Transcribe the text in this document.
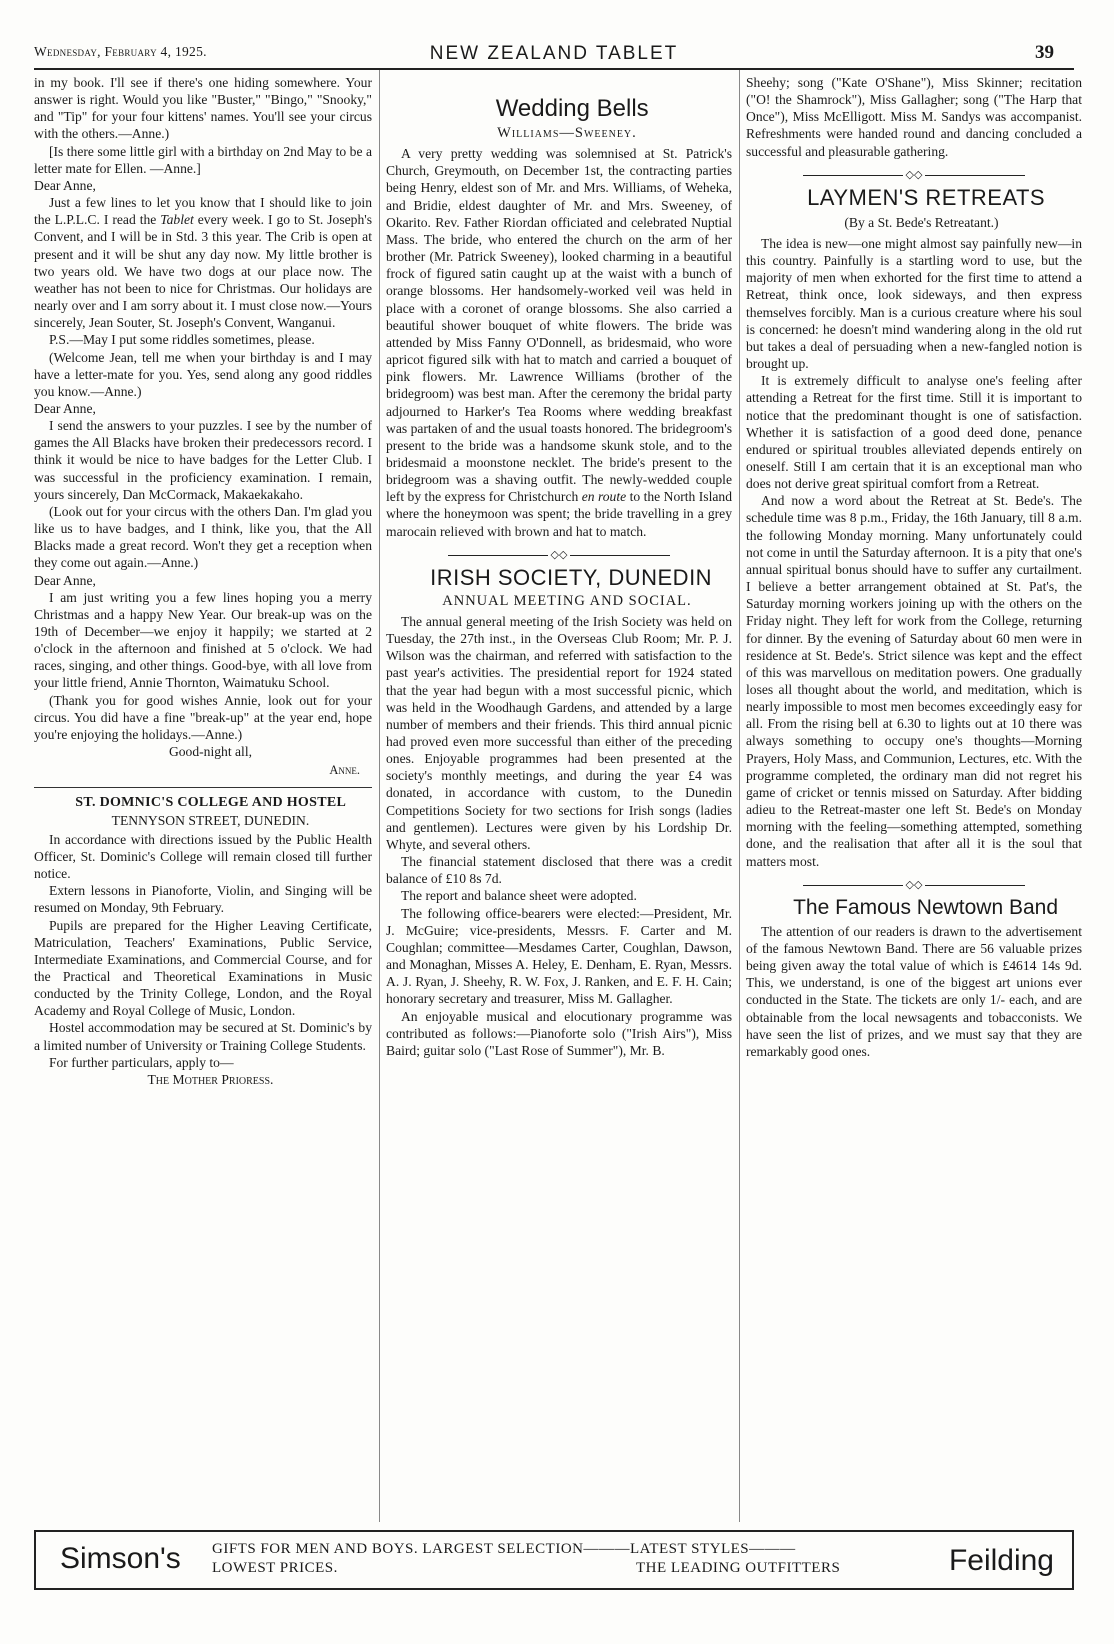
Wednesday, February 4, 1925.	NEW ZEALAND TABLET	39

in my book. I'll see if there's one hiding somewhere. Your answer is right. Would you like "Buster," "Bingo," "Snooky," and "Tip" for your four kittens' names. You'll see your circus with the others.—Anne.)

[Is there some little girl with a birthday on 2nd May to be a letter mate for Ellen. —Anne.]

Dear Anne,

Just a few lines to let you know that I should like to join the L.P.L.C. I read the Tablet every week. I go to St. Joseph's Convent, and I will be in Std. 3 this year. The Crib is open at present and it will be shut any day now. My little brother is two years old. We have two dogs at our place now. The weather has not been to nice for Christmas. Our holidays are nearly over and I am sorry about it. I must close now.—Yours sincerely, Jean Souter, St. Joseph's Convent, Wanganui.

P.S.—May I put some riddles sometimes, please.

(Welcome Jean, tell me when your birthday is and I may have a letter-mate for you. Yes, send along any good riddles you know.—Anne.)

Dear Anne,

I send the answers to your puzzles. I see by the number of games the All Blacks have broken their predecessors record. I think it would be nice to have badges for the Letter Club. I was successful in the proficiency examination. I remain, yours sincerely, Dan McCormack, Makaekakaho.

(Look out for your circus with the others Dan. I'm glad you like us to have badges, and I think, like you, that the All Blacks made a great record. Won't they get a reception when they come out again.—Anne.)

Dear Anne,

I am just writing you a few lines hoping you a merry Christmas and a happy New Year. Our break-up was on the 19th of December—we enjoy it happily; we started at 2 o'clock in the afternoon and finished at 5 o'clock. We had races, singing, and other things. Good-bye, with all love from your little friend, Annie Thornton, Waimatuku School.

(Thank you for good wishes Annie, look out for your circus. You did have a fine "break-up" at the year end, hope you're enjoying the holidays.—Anne.)

Good-night all,

Anne.

ST. DOMNIC'S COLLEGE AND HOSTEL

TENNYSON STREET, DUNEDIN.

In accordance with directions issued by the Public Health Officer, St. Dominic's College will remain closed till further notice.

Extern lessons in Pianoforte, Violin, and Singing will be resumed on Monday, 9th February.

Pupils are prepared for the Higher Leaving Certificate, Matriculation, Teachers' Examinations, Public Service, Intermediate Examinations, and Commercial Course, and for the Practical and Theoretical Examinations in Music conducted by the Trinity College, London, and the Royal Academy and Royal College of Music, London.

Hostel accommodation may be secured at St. Dominic's by a limited number of University or Training College Students.

For further particulars, apply to—

The Mother Prioress.

Wedding Bells

Williams—Sweeney.

A very pretty wedding was solemnised at St. Patrick's Church, Greymouth, on December 1st, the contracting parties being Henry, eldest son of Mr. and Mrs. Williams, of Weheka, and Bridie, eldest daughter of Mr. and Mrs. Sweeney, of Okarito. Rev. Father Riordan officiated and celebrated Nuptial Mass. The bride, who entered the church on the arm of her brother (Mr. Patrick Sweeney), looked charming in a beautiful frock of figured satin caught up at the waist with a bunch of orange blossoms. Her handsomely-worked veil was held in place with a coronet of orange blossoms. She also carried a beautiful shower bouquet of white flowers. The bride was attended by Miss Fanny O'Donnell, as bridesmaid, who wore apricot figured silk with hat to match and carried a bouquet of pink flowers. Mr. Lawrence Williams (brother of the bridegroom) was best man. After the ceremony the bridal party adjourned to Harker's Tea Rooms where wedding breakfast was partaken of and the usual toasts honored. The bridegroom's present to the bride was a handsome skunk stole, and to the bridesmaid a moonstone necklet. The bride's present to the bridegroom was a shaving outfit. The newly-wedded couple left by the express for Christchurch en route to the North Island where the honeymoon was spent; the bride travelling in a grey marocain relieved with brown and hat to match.

◇◇

IRISH SOCIETY, DUNEDIN

ANNUAL MEETING AND SOCIAL.

The annual general meeting of the Irish Society was held on Tuesday, the 27th inst., in the Overseas Club Room; Mr. P. J. Wilson was the chairman, and referred with satisfaction to the past year's activities. The presidential report for 1924 stated that the year had begun with a most successful picnic, which was held in the Woodhaugh Gardens, and attended by a large number of members and their friends. This third annual picnic had proved even more successful than either of the preceding ones. Enjoyable programmes had been presented at the society's monthly meetings, and during the year £4 was donated, in accordance with custom, to the Dunedin Competitions Society for two sections for Irish songs (ladies and gentlemen). Lectures were given by his Lordship Dr. Whyte, and several others.

The financial statement disclosed that there was a credit balance of £10 8s 7d.

The report and balance sheet were adopted.

The following office-bearers were elected:—President, Mr. J. McGuire; vice-presidents, Messrs. F. Carter and M. Coughlan; committee—Mesdames Carter, Coughlan, Dawson, and Monaghan, Misses A. Heley, E. Denham, E. Ryan, Messrs. A. J. Ryan, J. Sheehy, R. W. Fox, J. Ranken, and E. F. H. Cain; honorary secretary and treasurer, Miss M. Gallagher.

An enjoyable musical and elocutionary programme was contributed as follows:—Pianoforte solo ("Irish Airs"), Miss Baird; guitar solo ("Last Rose of Summer"), Mr. B.

Sheehy; song ("Kate O'Shane"), Miss Skinner; recitation ("O! the Shamrock"), Miss Gallagher; song ("The Harp that Once"), Miss McElligott. Miss M. Sandys was accompanist. Refreshments were handed round and dancing concluded a successful and pleasurable gathering.

◇◇

LAYMEN'S RETREATS

(By a St. Bede's Retreatant.)

The idea is new—one might almost say painfully new—in this country. Painfully is a startling word to use, but the majority of men when exhorted for the first time to attend a Retreat, think once, look sideways, and then express themselves forcibly. Man is a curious creature where his soul is concerned: he doesn't mind wandering along in the old rut but takes a deal of persuading when a new-fangled notion is brought up.

It is extremely difficult to analyse one's feeling after attending a Retreat for the first time. Still it is important to notice that the predominant thought is one of satisfaction. Whether it is satisfaction of a good deed done, penance endured or spiritual troubles alleviated depends entirely on oneself. Still I am certain that it is an exceptional man who does not derive great spiritual comfort from a Retreat.

And now a word about the Retreat at St. Bede's. The schedule time was 8 p.m., Friday, the 16th January, till 8 a.m. the following Monday morning. Many unfortunately could not come in until the Saturday afternoon. It is a pity that one's annual spiritual bonus should have to suffer any curtailment. I believe a better arrangement obtained at St. Pat's, the Saturday morning workers joining up with the others on the Friday night. They left for work from the College, returning for dinner. By the evening of Saturday about 60 men were in residence at St. Bede's. Strict silence was kept and the effect of this was marvellous on meditation powers. One gradually loses all thought about the world, and meditation, which is nearly impossible to most men becomes exceedingly easy for all. From the rising bell at 6.30 to lights out at 10 there was always something to occupy one's thoughts—Morning Prayers, Holy Mass, and Communion, Lectures, etc. With the programme completed, the ordinary man did not regret his game of cricket or tennis missed on Saturday. After bidding adieu to the Retreat-master one left St. Bede's on Monday morning with the feeling—something attempted, something done, and the realisation that after all it is the soul that matters most.

◇◇

The Famous Newtown Band

The attention of our readers is drawn to the advertisement of the famous Newtown Band. There are 56 valuable prizes being given away the total value of which is £4614 14s 9d. This, we understand, is one of the biggest art unions ever conducted in the State. The tickets are only 1/- each, and are obtainable from the local newsagents and tobacconists. We have seen the list of prizes, and we must say that they are remarkably good ones.

Simson's GIFTS FOR MEN AND BOYS. LARGEST SELECTION———LATEST STYLES———
LOWEST PRICES.	THE LEADING OUTFITTERS	Feilding
